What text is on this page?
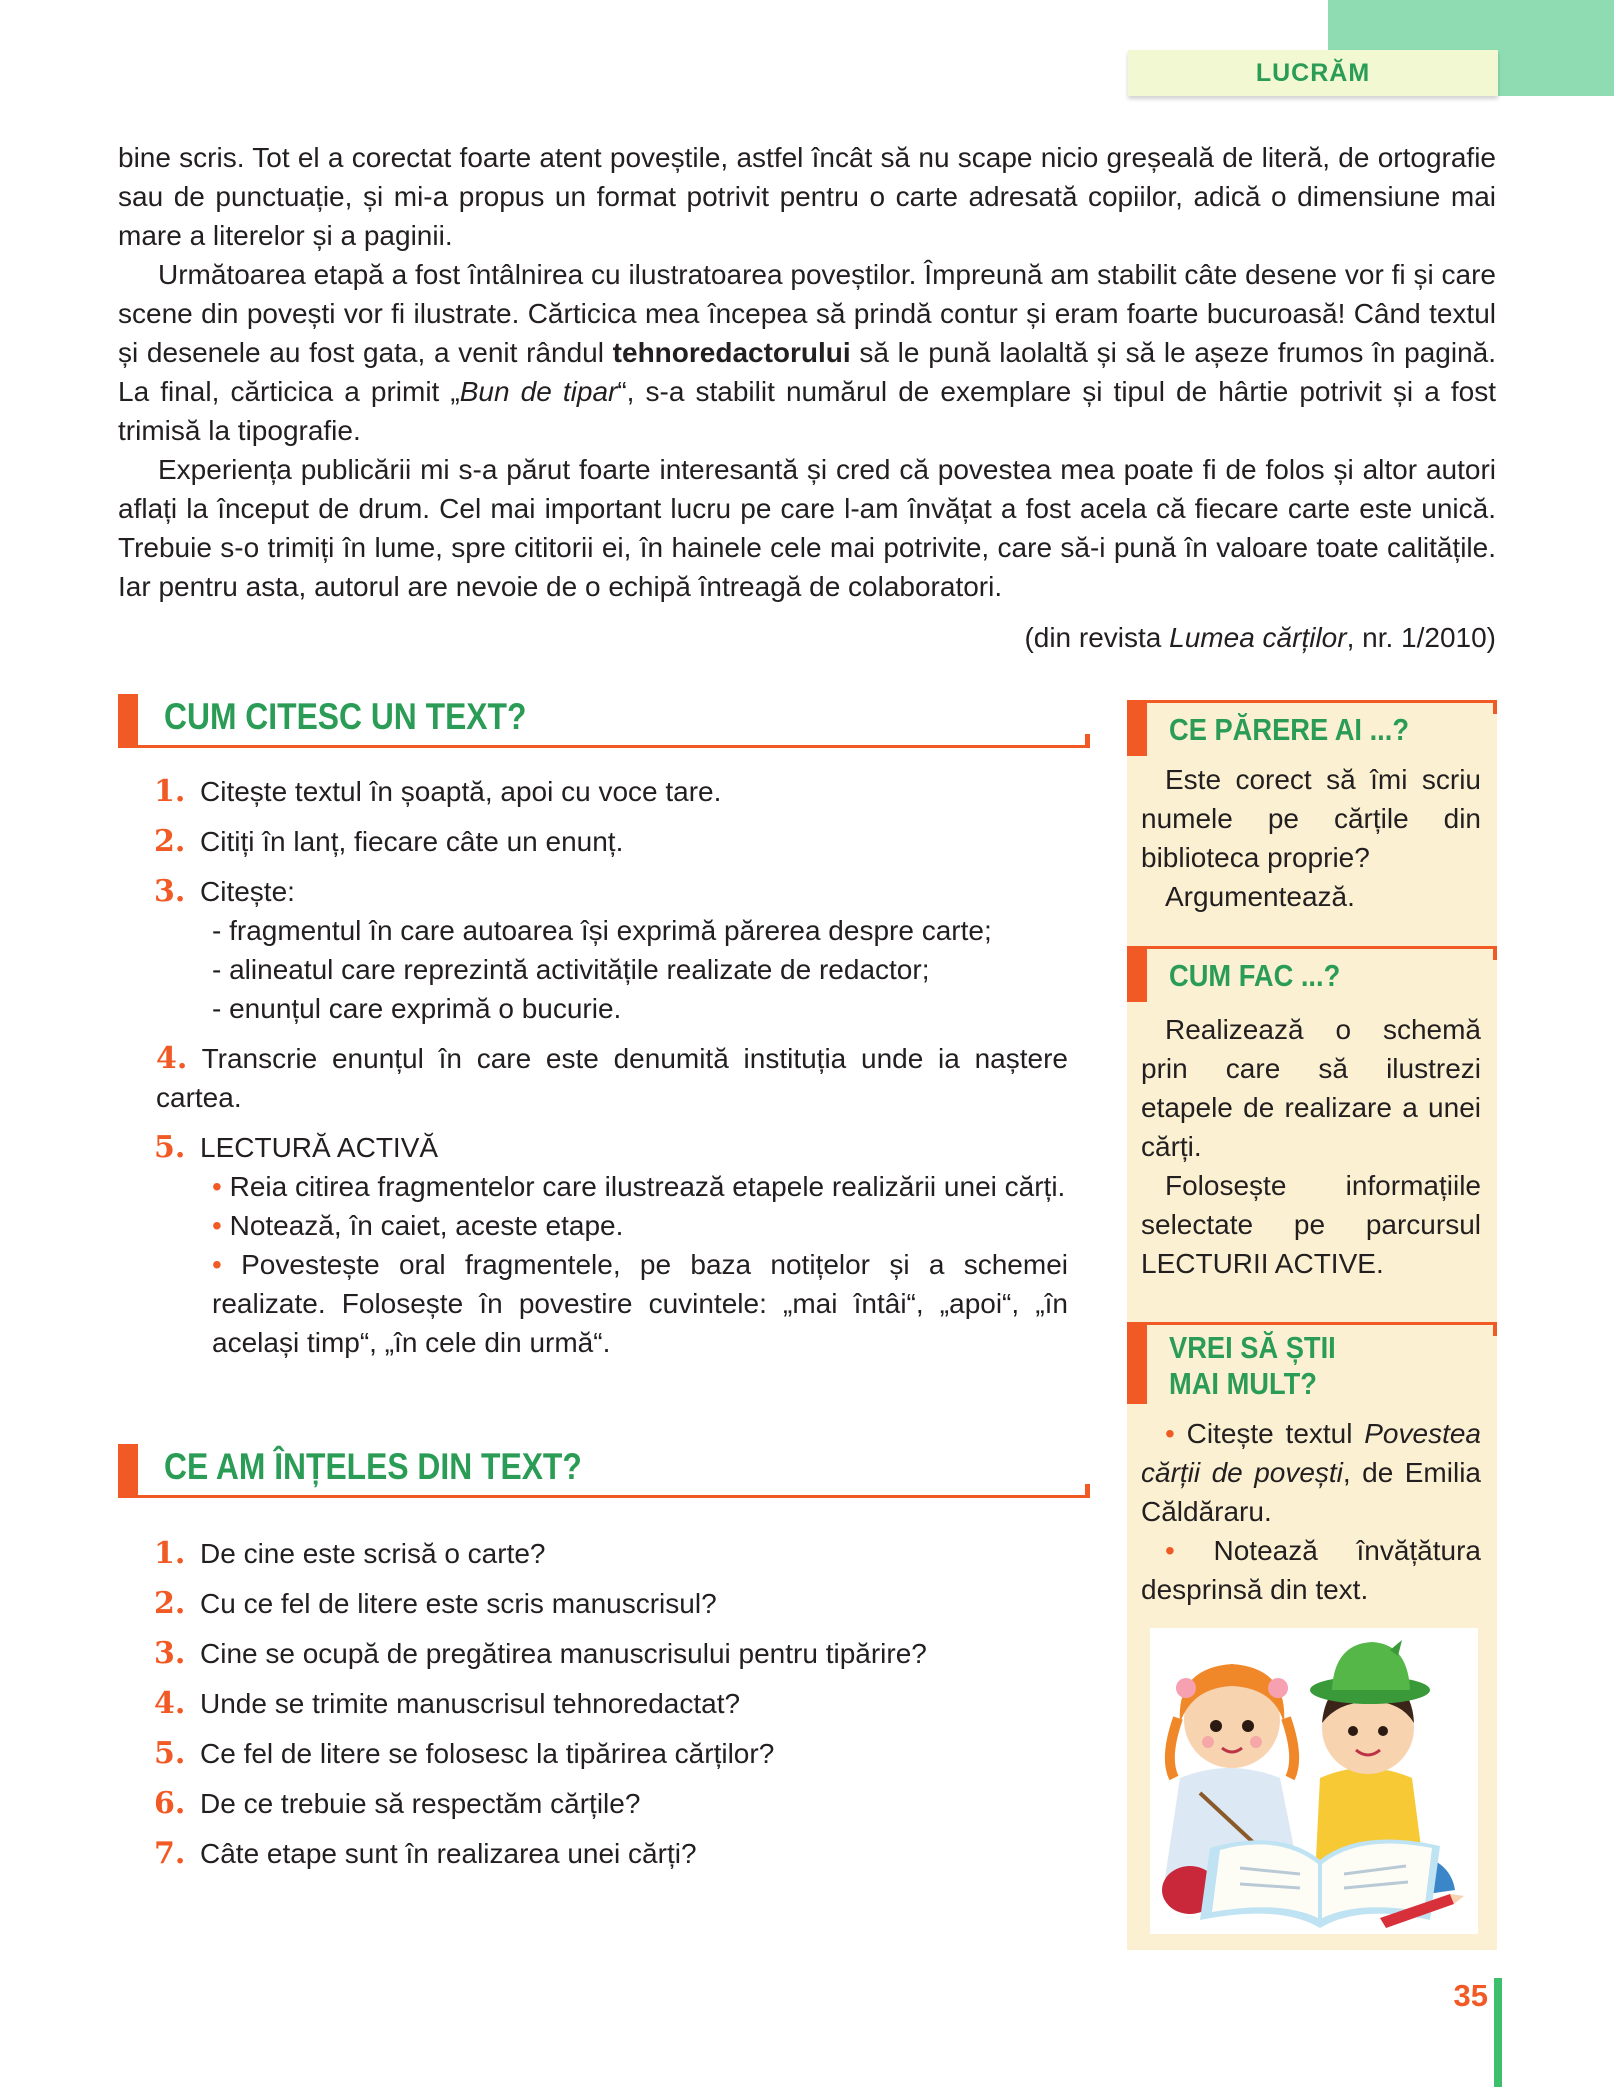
LUCRĂM

bine scris. Tot el a corectat foarte atent poveștile, astfel încât să nu scape nicio greșeală de literă, de ortografie sau de punctuație, și mi-a propus un format potrivit pentru o carte adresată copiilor, adică o dimensiune mai mare a literelor și a paginii.

Următoarea etapă a fost întâlnirea cu ilustratoarea poveștilor. Împreună am stabilit câte desene vor fi și care scene din povești vor fi ilustrate. Cărticica mea începea să prindă contur și eram foarte bucuroasă! Când textul și desenele au fost gata, a venit rândul tehnoredactorului să le pună laolaltă și să le așeze frumos în pagină. La final, cărticica a primit „Bun de tipar“, s-a stabilit numărul de exemplare și tipul de hârtie potrivit și a fost trimisă la tipografie.

Experiența publicării mi s-a părut foarte interesantă și cred că povestea mea poate fi de folos și altor autori aflați la început de drum. Cel mai important lucru pe care l-am învățat a fost acela că fiecare carte este unică. Trebuie s-o trimiți în lume, spre cititorii ei, în hainele cele mai potrivite, care să-i pună în valoare toate calitățile. Iar pentru asta, autorul are nevoie de o echipă întreagă de colaboratori.

(din revista Lumea cărților, nr. 1/2010)
CUM CITESC UN TEXT?
1. Citește textul în șoaptă, apoi cu voce tare.
2. Citiți în lanț, fiecare câte un enunț.
3. Citește:
- fragmentul în care autoarea își exprimă părerea despre carte;
- alineatul care reprezintă activitățile realizate de redactor;
- enunțul care exprimă o bucurie.
4. Transcrie enunțul în care este denumită instituția unde ia naștere cartea.
5. LECTURĂ ACTIVĂ
• Reia citirea fragmentelor care ilustrează etapele realizării unei cărți.
• Notează, în caiet, aceste etape.
• Povestește oral fragmentele, pe baza notițelor și a schemei realizate. Folosește în povestire cuvintele: „mai întâi“, „apoi“, „în același timp“, „în cele din urmă“.
CE AM ÎNȚELES DIN TEXT?
1. De cine este scrisă o carte?
2. Cu ce fel de litere este scris manuscrisul?
3. Cine se ocupă de pregătirea manuscrisului pentru tipărire?
4. Unde se trimite manuscrisul tehnoredactat?
5. Ce fel de litere se folosesc la tipărirea cărților?
6. De ce trebuie să respectăm cărțile?
7. Câte etape sunt în realizarea unei cărți?
CE PĂRERE AI ...?

Este corect să îmi scriu numele pe cărțile din biblioteca proprie?

Argumentează.

CUM FAC ...?

Realizează o schemă prin care să ilustrezi etapele de realizare a unei cărți.

Folosește informațiile selectate pe parcursul LECTURII ACTIVE.

VREI SĂ ȘTII
MAI MULT?

• Citește textul Povestea cărții de povești, de Emilia Căldăraru.

• Notează învățătura desprinsă din text.

35
